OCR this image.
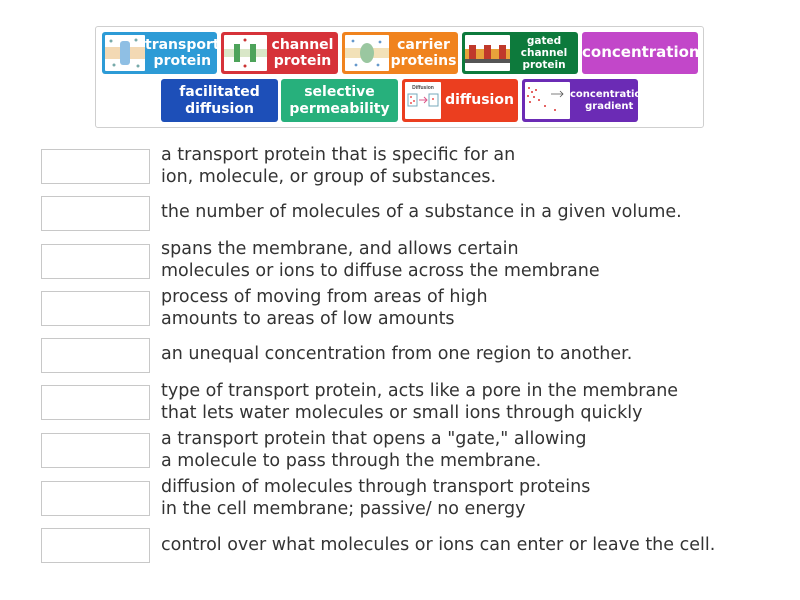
transport
protein
channel
protein
carrier
proteins
gated
channel
protein
concentration
facilitated
diffusion
selective
permeability
Diffusion
diffusion	concentration
gradient
a transport protein that is specific for an
ion, molecule, or group of substances.
the number of molecules of a substance in a given volume.
spans the membrane, and allows certain
molecules or ions to diffuse across the membrane
process of moving from areas of high
amounts to areas of low amounts
an unequal concentration from one region to another.
type of transport protein, acts like a pore in the membrane
that lets water molecules or small ions through quickly
a transport protein that opens a "gate," allowing
a molecule to pass through the membrane.
diffusion of molecules through transport proteins
in the cell membrane; passive/ no energy
control over what molecules or ions can enter or leave the cell.
